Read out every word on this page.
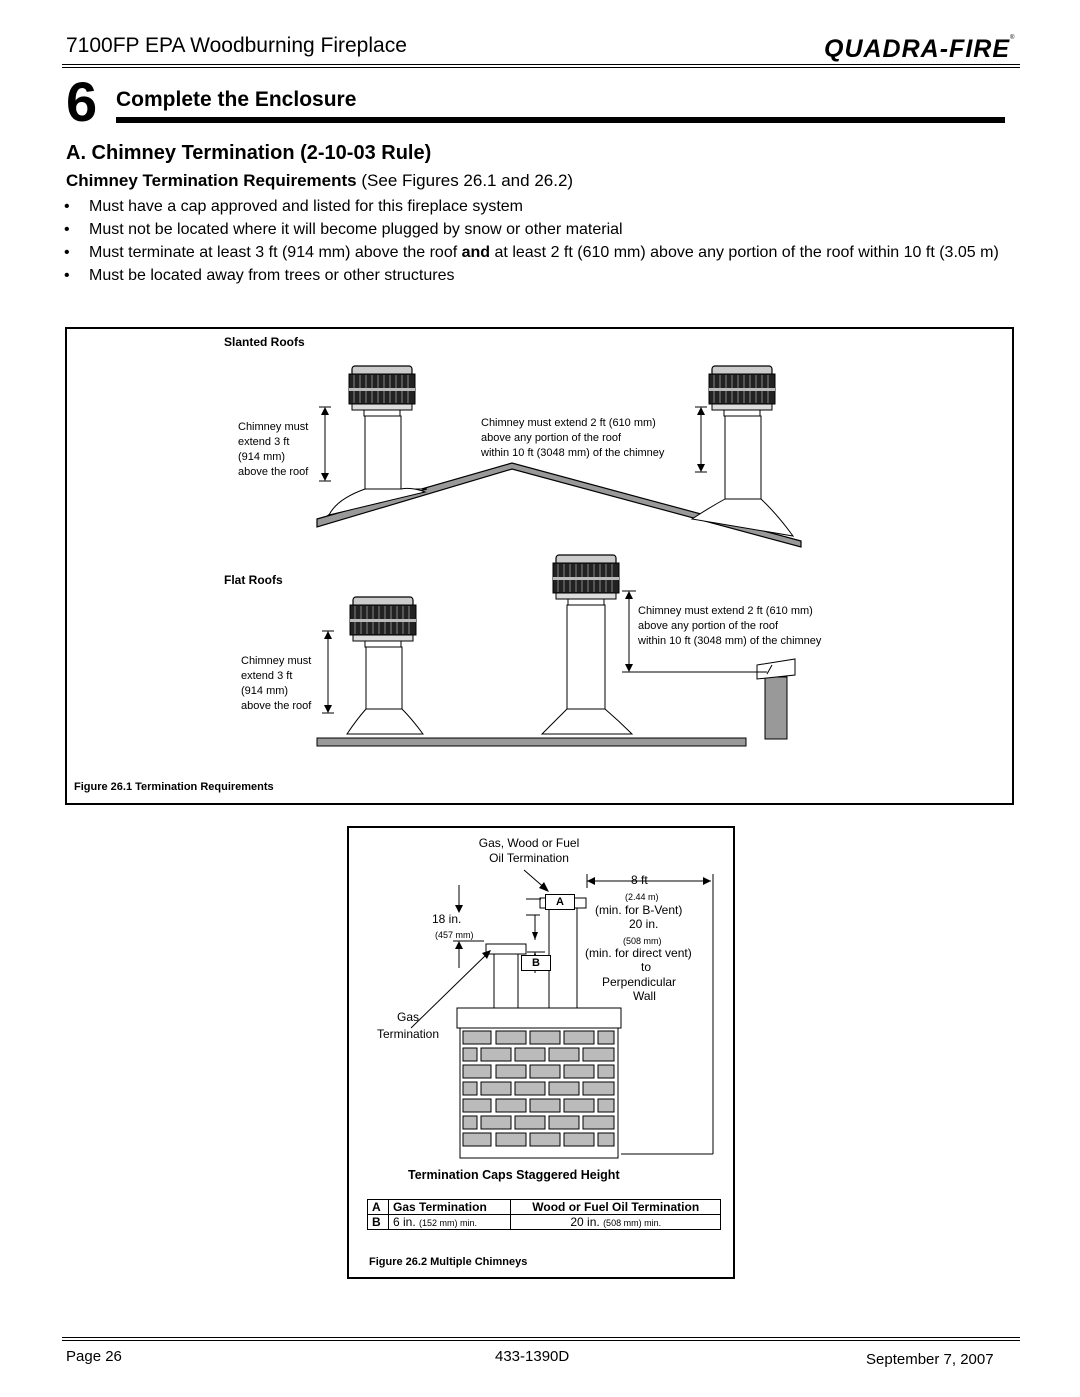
7100FP EPA Woodburning Fireplace	QUADRA-FIRE ®
6 Complete the Enclosure
A. Chimney Termination (2-10-03 Rule)
Chimney Termination Requirements (See Figures 26.1 and 26.2)
• Must have a cap approved and listed for this fireplace system
• Must not be located where it will become plugged by snow or other material
• Must terminate at least 3 ft (914 mm) above the roof and at least 2 ft (610 mm) above any portion of the roof within 10 ft (3.05 m)
• Must be located away from trees or other structures
Slanted Roofs
Flat Roofs
Chimney must
extend 3 ft
(914 mm)
above the roof
Chimney must extend 2 ft (610 mm)
above any portion of the roof
within 10 ft (3048 mm) of the chimney
Chimney must
extend 3 ft
(914 mm)
above the roof
Chimney must extend 2 ft (610 mm)
above any portion of the roof
within 10 ft (3048 mm) of the chimney
Figure 26.1 Termination Requirements
Gas, Wood or Fuel
Oil Termination
A
B
18 in.
(457 mm)
8 ft
(2.44 m)
(min. for B-Vent)
20 in.
(508 mm)
(min. for direct vent)
to
Perpendicular
Wall
Gas
Termination
Termination Caps Staggered Height
A	Gas Termination	Wood or Fuel Oil Termination
B	6 in. (152 mm) min.	20 in. (508 mm) min.
Figure 26.2 Multiple Chimneys
Page 26	433-1390D	September 7, 2007
